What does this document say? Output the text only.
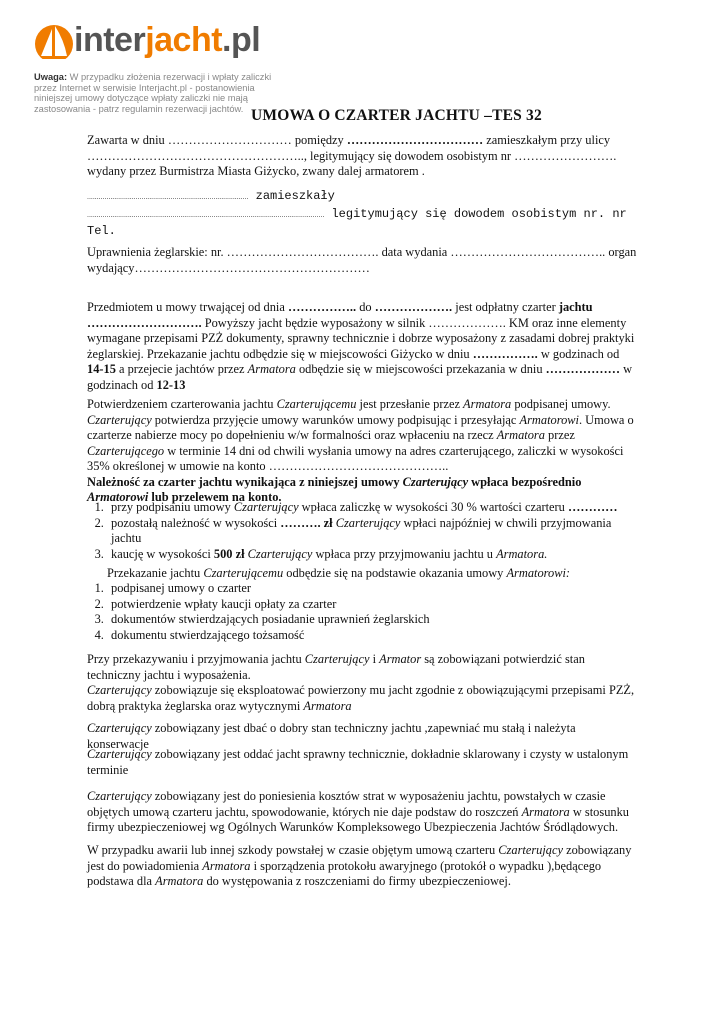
interjacht.pl
Uwaga: W przypadku złożenia rezerwacji i wpłaty zaliczki przez Internet w serwisie Interjacht.pl - postanowienia niniejszej umowy dotyczące wpłaty zaliczki nie mają zastosowania - patrz regulamin rezerwacji jachtów. UMOWA O CZARTER JACHTU –TES 32
Zawarta w dniu ………………………… pomiędzy …………………………… zamieszkałym przy ulicy …………………………………………….., legitymujący się dowodem osobistym nr ……………………. wydany przez Burmistrza Miasta Giżycko, zwany dalej armatorem .
................................................................................... zamieszkały
.......................................................................................................................... legitymujący się dowodem osobistym nr. nr Tel.
Uprawnienia żeglarskie: nr. ………………………………. data wydania ……………………………….. organ wydający…………………………………………………
Przedmiotem u mowy trwającej od dnia …………….. do ………………. jest odpłatny czarter jachtu ………………………. Powyższy jacht będzie wyposażony w silnik ………………. KM oraz inne elementy wymagane przepisami PZŻ dokumenty, sprawny technicznie i dobrze wyposażony z zasadami dobrej praktyki żeglarskiej. Przekazanie jachtu odbędzie się w miejscowości Giżycko w dniu ……………. w godzinach od 14-15 a przejecie jachtów przez Armatora odbędzie się w miejscowości przekazania w dniu ……………… w godzinach od 12-13
Potwierdzeniem czarterowania jachtu Czarterującemu jest przesłanie przez Armatora podpisanej umowy. Czarterujący potwierdza przyjęcie umowy warunków umowy podpisując i przesyłając Armatorowi. Umowa o czarterze nabierze mocy po dopełnieniu w/w formalności oraz wpłaceniu na rzecz Armatora przez Czarterującego w terminie 14 dni od chwili wysłania umowy na adres czarterującego, zaliczki w wysokości 35% określonej w umowie na konto ……………………………………..
Należność za czarter jachtu wynikająca z niniejszej umowy Czarterujący wpłaca bezpośrednio Armatorowi lub przelewem na konto.
1. przy podpisaniu umowy Czarterujący wpłaca zaliczkę w wysokości 30 % wartości czarteru …………
2. pozostałą należność w wysokości ………. zł Czarterujący wpłaci najpóźniej w chwili przyjmowania jachtu
3. kaucję w wysokości 500 zł Czarterujący wpłaca przy przyjmowaniu jachtu u Armatora.
Przekazanie jachtu Czarterującemu odbędzie się na podstawie okazania umowy Armatorowi:
1. podpisanej umowy o czarter
2. potwierdzenie wpłaty kaucji opłaty za czarter
3. dokumentów stwierdzających posiadanie uprawnień żeglarskich
4. dokumentu stwierdzającego tożsamość
Przy przekazywaniu i przyjmowania jachtu Czarterujący i Armator są zobowiązani potwierdzić stan techniczny jachtu i wyposażenia.
Czarterujący zobowiązuje się eksploatować powierzony mu jacht zgodnie z obowiązującymi przepisami PZŻ, dobrą praktyka żeglarska oraz wytycznymi Armatora
Czarterujący zobowiązany jest dbać o dobry stan techniczny jachtu ,zapewniać mu stałą i należyta konserwacje
Czarterujący zobowiązany jest oddać jacht sprawny technicznie, dokładnie sklarowany i czysty w ustalonym terminie
Czarterujący zobowiązany jest do poniesienia kosztów strat w wyposażeniu jachtu, powstałych w czasie objętych umową czarteru jachtu, spowodowanie, których nie daje podstaw do roszczeń Armatora w stosunku firmy ubezpieczeniowej wg Ogólnych Warunków Kompleksowego Ubezpieczenia Jachtów Śródlądowych.
W przypadku awarii lub innej szkody powstałej w czasie objętym umową czarteru Czarterujący zobowiązany jest do powiadomienia Armatora i sporządzenia protokołu awaryjnego (protokół o wypadku ),będącego podstawa dla Armatora do występowania z roszczeniami do firmy ubezpieczeniowej.
